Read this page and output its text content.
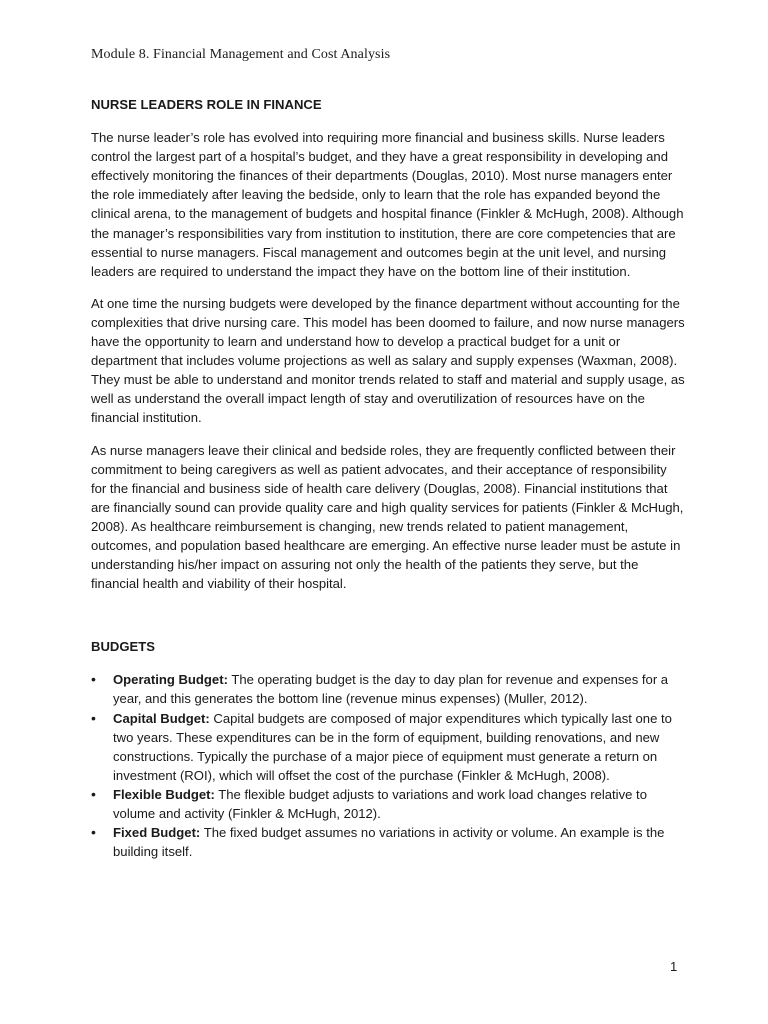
Module 8. Financial Management and Cost Analysis
NURSE LEADERS ROLE IN FINANCE

The nurse leader’s role has evolved into requiring more financial and business skills. Nurse leaders control the largest part of a hospital’s budget, and they have a great responsibility in developing and effectively monitoring the finances of their departments (Douglas, 2010). Most nurse managers enter the role immediately after leaving the bedside, only to learn that the role has expanded beyond the clinical arena, to the management of budgets and hospital finance (Finkler & McHugh, 2008). Although the manager’s responsibilities vary from institution to institution, there are core competencies that are essential to nurse managers. Fiscal management and outcomes begin at the unit level, and nursing leaders are required to understand the impact they have on the bottom line of their institution.

At one time the nursing budgets were developed by the finance department without accounting for the complexities that drive nursing care. This model has been doomed to failure, and now nurse managers have the opportunity to learn and understand how to develop a practical budget for a unit or department that includes volume projections as well as salary and supply expenses (Waxman, 2008). They must be able to understand and monitor trends related to staff and material and supply usage, as well as understand the overall impact length of stay and overutilization of resources have on the financial institution.

As nurse managers leave their clinical and bedside roles, they are frequently conflicted between their commitment to being caregivers as well as patient advocates, and their acceptance of responsibility for the financial and business side of health care delivery (Douglas, 2008). Financial institutions that are financially sound can provide quality care and high quality services for patients (Finkler & McHugh, 2008). As healthcare reimbursement is changing, new trends related to patient management, outcomes, and population based healthcare are emerging. An effective nurse leader must be astute in understanding his/her impact on assuring not only the health of the patients they serve, but the financial health and viability of their hospital.

BUDGETS
• Operating Budget: The operating budget is the day to day plan for revenue and expenses for a year, and this generates the bottom line (revenue minus expenses) (Muller, 2012).
• Capital Budget: Capital budgets are composed of major expenditures which typically last one to two years. These expenditures can be in the form of equipment, building renovations, and new constructions. Typically the purchase of a major piece of equipment must generate a return on investment (ROI), which will offset the cost of the purchase (Finkler & McHugh, 2008).
• Flexible Budget: The flexible budget adjusts to variations and work load changes relative to volume and activity (Finkler & McHugh, 2012).
• Fixed Budget: The fixed budget assumes no variations in activity or volume. An example is the building itself.
1
